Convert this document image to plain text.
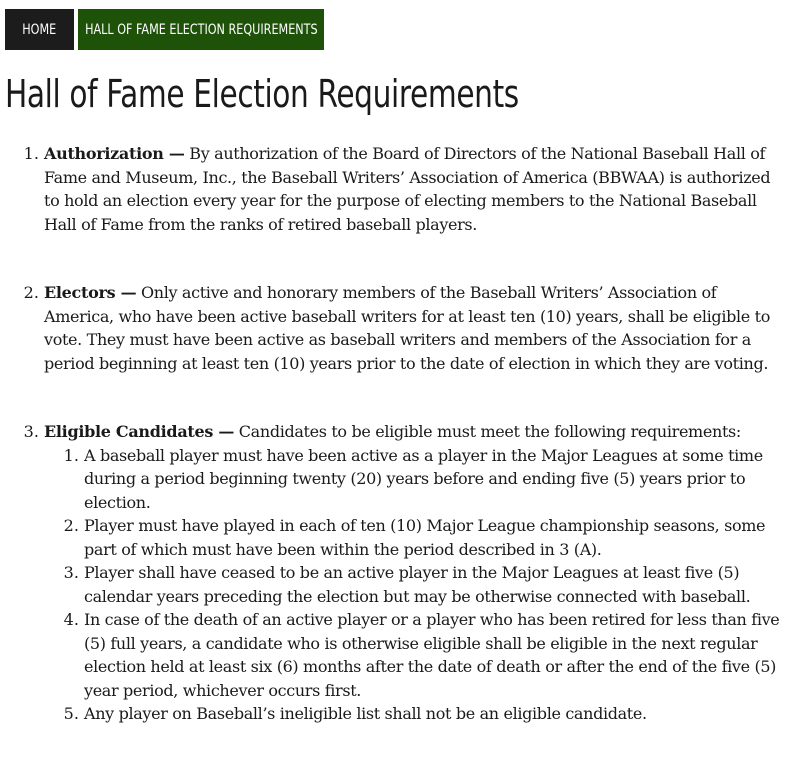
HOME HALL OF FAME ELECTION REQUIREMENTS
Hall of Fame Election Requirements
1. Authorization — By authorization of the Board of Directors of the National Baseball Hall of Fame and Museum, Inc., the Baseball Writers’ Association of America (BBWAA) is authorized to hold an election every year for the purpose of electing members to the National Baseball Hall of Fame from the ranks of retired baseball players.
2. Electors — Only active and honorary members of the Baseball Writers’ Association of America, who have been active baseball writers for at least ten (10) years, shall be eligible to vote. They must have been active as baseball writers and members of the Association for a period beginning at least ten (10) years prior to the date of election in which they are voting.
3. Eligible Candidates — Candidates to be eligible must meet the following requirements:
1. A baseball player must have been active as a player in the Major Leagues at some time during a period beginning twenty (20) years before and ending five (5) years prior to election.
2. Player must have played in each of ten (10) Major League championship seasons, some part of which must have been within the period described in 3 (A).
3. Player shall have ceased to be an active player in the Major Leagues at least five (5) calendar years preceding the election but may be otherwise connected with baseball.
4. In case of the death of an active player or a player who has been retired for less than five (5) full years, a candidate who is otherwise eligible shall be eligible in the next regular election held at least six (6) months after the date of death or after the end of the five (5) year period, whichever occurs first.
5. Any player on Baseball’s ineligible list shall not be an eligible candidate.
